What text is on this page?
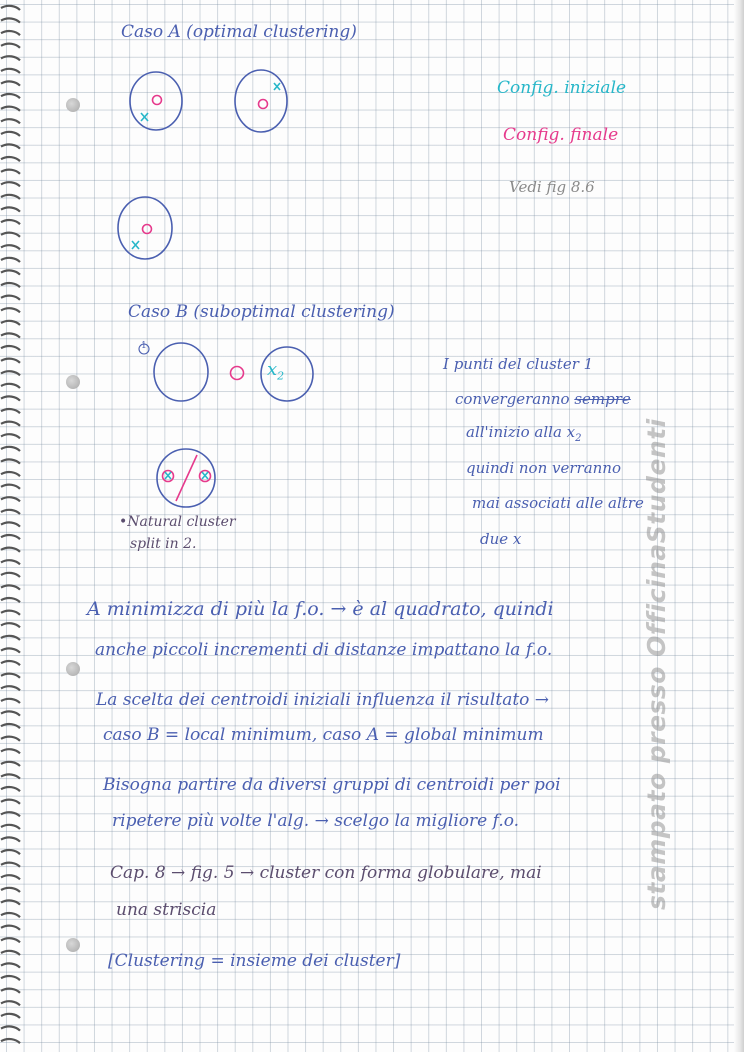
1
$x_2$
Caso A (optimal clustering)
Config. iniziale
Config. finale
Vedi fig 8.6
Caso B (suboptimal clustering)
I punti del cluster 1
convergeranno sempre
all'inizio alla $x_2$
quindi non verranno
mai associati alle altre
due x
•Natural cluster
split in 2.
A minimizza di più la f.o. → è al quadrato, quindi
anche piccoli incrementi di distanze impattano la f.o.
La scelta dei centroidi iniziali influenza il risultato →
caso B = local minimum, caso A = global minimum
Bisogna partire da diversi gruppi di centroidi per poi
ripetere più volte l'alg. → scelgo la migliore f.o.
Cap. 8 → fig. 5 → cluster con forma globulare, mai
una striscia
[Clustering = insieme dei cluster]
stampato presso OfficinaStudenti
